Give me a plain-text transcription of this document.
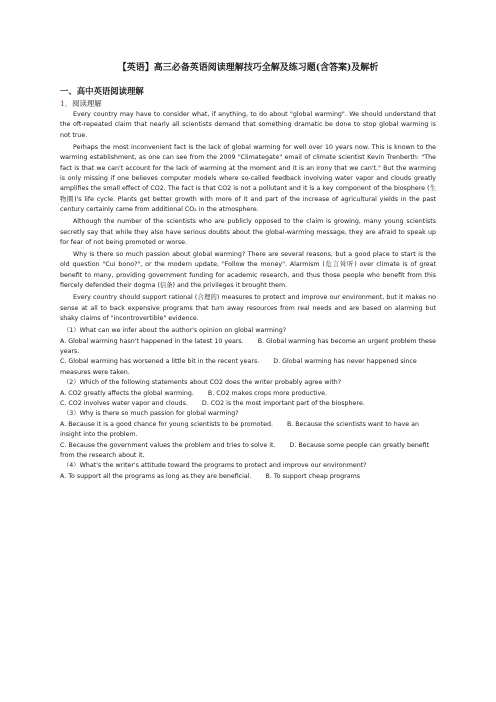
【英语】高三必备英语阅读理解技巧全解及练习题(含答案)及解析
一、高中英语阅读理解
1．阅读理解

Every country may have to consider what, if anything, to do about "global warming". We should understand that the oft-repeated claim that nearly all scientists demand that something dramatic be done to stop global warming is not true.

Perhaps the most inconvenient fact is the lack of global warming for well over 10 years now. This is known to the warming establishment, as one can see from the 2009 "Climategate" email of climate scientist Kevin Trenberth: "The fact is that we can't account for the lack of warming at the moment and it is an irony that we can't." But the warming is only missing if one believes computer models where so-called feedback involving water vapor and clouds greatly amplifies the small effect of CO2. The fact is that CO2 is not a pollutant and it is a key component of the biosphere (生物圈)'s life cycle. Plants get better growth with more of it and part of the increase of agricultural yields in the past century certainly came from additional CO₂ in the atmosphere.

Although the number of the scientists who are publicly opposed to the claim is growing, many young scientists secretly say that while they also have serious doubts about the global-warming message, they are afraid to speak up for fear of not being promoted or worse.

Why is there so much passion about global warming? There are several reasons, but a good place to start is the old question "Cui bono?", or the modern update, "Follow the money". Alarmism (危言耸听) over climate is of great benefit to many, providing government funding for academic research, and thus those people who benefit from this fiercely defended their dogma (信条) and the privileges it brought them.

Every country should support rational (合理的) measures to protect and improve our environment, but it makes no sense at all to back expensive programs that turn away resources from real needs and are based on alarming but shaky claims of "incontrovertible" evidence.

（1）What can we infer about the author's opinion on global warming?
A. Global warming hasn't happened in the latest 10 years. B. Global warming has become an urgent problem these years.
C. Global warming has worsened a little bit in the recent years. D. Global warming has never happened since measures were taken.
（2）Which of the following statements about CO2 does the writer probably agree with?
A. CO2 greatly affects the global warming. B. CO2 makes crops more productive.
C. CO2 involves water vapor and clouds. D. CO2 is the most important part of the biosphere.
（3）Why is there so much passion for global warming?
A. Because it is a good chance for young scientists to be promoted. B. Because the scientists want to have an insight into the problem.
C. Because the government values the problem and tries to solve it. D. Because some people can greatly benefit from the research about it.
（4）What's the writer's attitude toward the programs to protect and improve our environment?
A. To support all the programs as long as they are beneficial. B. To support cheap programs
